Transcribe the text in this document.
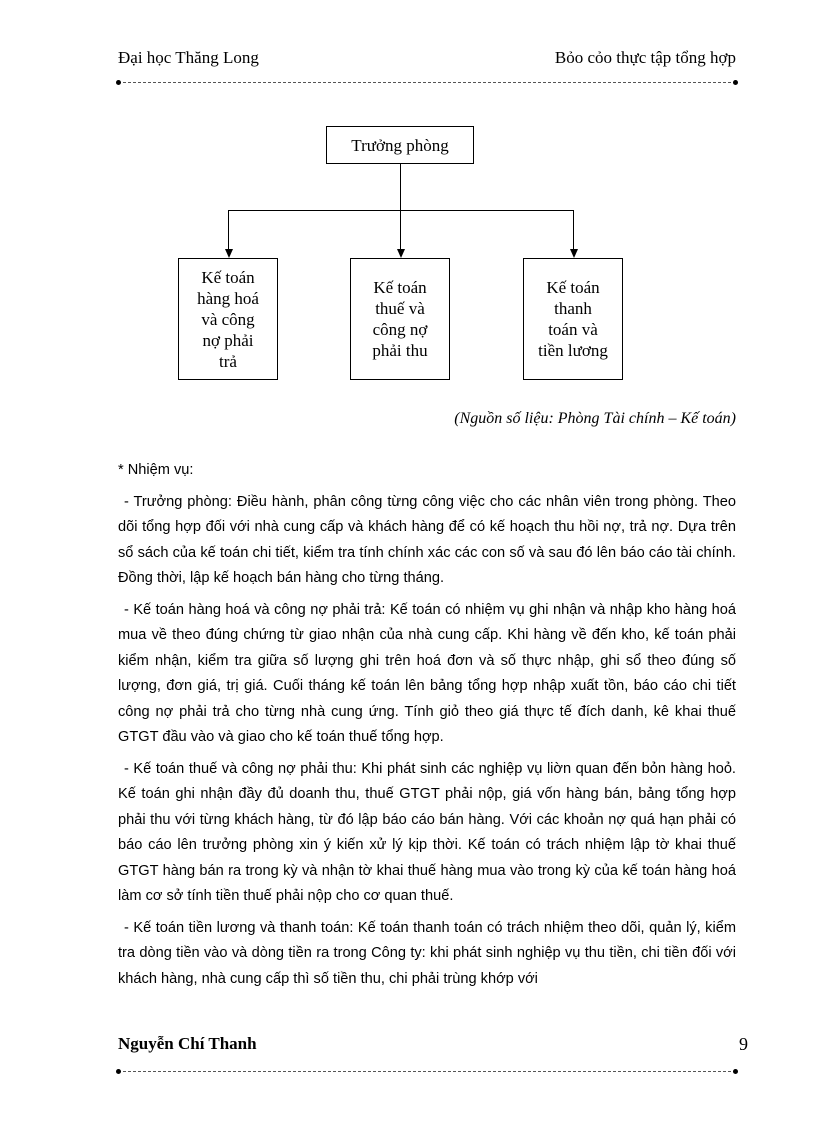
Đại học Thăng Long	Bỏo cỏo thực tập tổng hợp
Trưởng phòng
Kế toán
hàng hoá
và công
nợ phải
trả
Kế toán
thuế và
công nợ
phải thu
Kế toán
thanh
toán và
tiền lương
(Nguồn số liệu: Phòng Tài chính – Kế toán)

* Nhiệm vụ:

- Trưởng phòng: Điều hành, phân công từng công việc cho các nhân viên trong phòng. Theo dõi tổng hợp đối với nhà cung cấp và khách hàng để có kế hoạch thu hồi nợ, trả nợ. Dựa trên sổ sách của kế toán chi tiết, kiểm tra tính chính xác các con số và sau đó lên báo cáo tài chính. Đồng thời, lập kế hoạch bán hàng cho từng tháng.

- Kế toán hàng hoá và công nợ phải trả: Kế toán có nhiệm vụ ghi nhận và nhập kho hàng hoá mua về theo đúng chứng từ giao nhận của nhà cung cấp. Khi hàng về đến kho, kế toán phải kiểm nhận, kiểm tra giữa số lượng ghi trên hoá đơn và số thực nhập, ghi sổ theo đúng số lượng, đơn giá, trị giá. Cuối tháng kế toán lên bảng tổng hợp nhập xuất tồn, báo cáo chi tiết công nợ phải trả cho từng nhà cung ứng. Tính giỏ theo giá thực tế đích danh, kê khai thuế GTGT đầu vào và giao cho kế toán thuế tổng hợp.

- Kế toán thuế và công nợ phải thu: Khi phát sinh các nghiệp vụ liờn quan đến bỏn hàng hoỏ. Kế toán ghi nhận đầy đủ doanh thu, thuế GTGT phải nộp, giá vốn hàng bán, bảng tổng hợp phải thu với từng khách hàng, từ đó lập báo cáo bán hàng. Với các khoản nợ quá hạn phải có báo cáo lên trưởng phòng xin ý kiến xử lý kịp thời. Kế toán có trách nhiệm lập tờ khai thuế GTGT hàng bán ra trong kỳ và nhận tờ khai thuế hàng mua vào trong kỳ của kế toán hàng hoá làm cơ sở tính tiền thuế phải nộp cho cơ quan thuế.

- Kế toán tiền lương và thanh toán: Kế toán thanh toán có trách nhiệm theo dõi, quản lý, kiểm tra dòng tiền vào và dòng tiền ra trong Công ty: khi phát sinh nghiệp vụ thu tiền, chi tiền đối với khách hàng, nhà cung cấp thì số tiền thu, chi phải trùng khớp với

Nguyễn Chí Thanh	9
